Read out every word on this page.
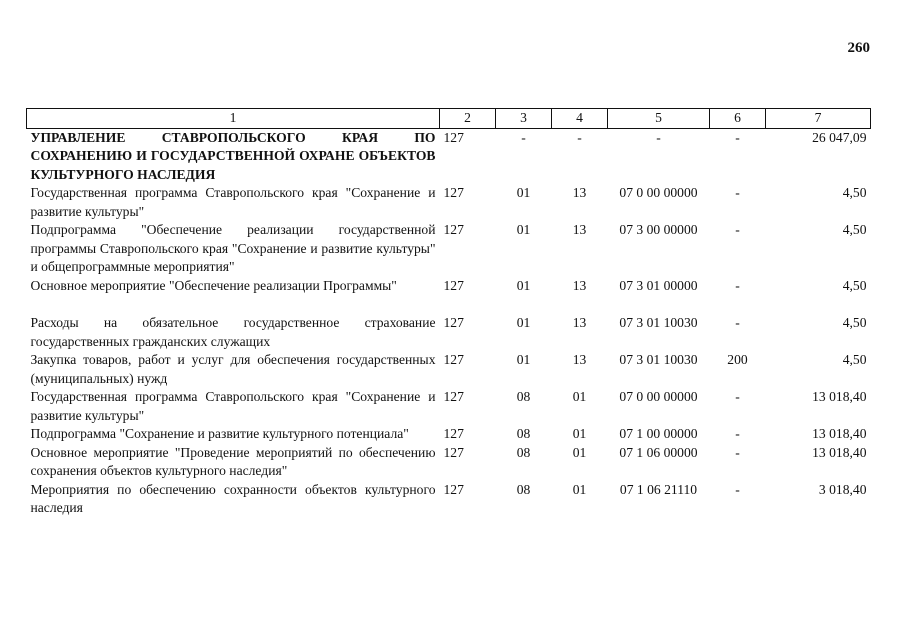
260
1	2	3	4	5	6	7
УПРАВЛЕНИЕ СТАВРОПОЛЬСКОГО КРАЯ ПО СОХРАНЕНИЮ И ГОСУДАРСТВЕННОЙ ОХРАНЕ ОБЪЕКТОВ КУЛЬТУРНОГО НАСЛЕДИЯ	127	-	-	-	-	26 047,09
Государственная программа Ставропольского края "Сохранение и развитие культуры"	127	01	13	07 0 00 00000	-	4,50
Подпрограмма "Обеспечение реализации государственной программы Ставропольского края "Сохранение и развитие культуры" и общепрограммные мероприятия"	127	01	13	07 3 00 00000	-	4,50
Основное мероприятие "Обеспечение реализации Программы"	127	01	13	07 3 01 00000	-	4,50
Расходы на обязательное государственное страхование государственных гражданских служащих	127	01	13	07 3 01 10030	-	4,50
Закупка товаров, работ и услуг для обеспечения государственных (муниципальных) нужд	127	01	13	07 3 01 10030	200	4,50
Государственная программа Ставропольского края "Сохранение и развитие культуры"	127	08	01	07 0 00 00000	-	13 018,40
Подпрограмма "Сохранение и развитие культурного потенциала"	127	08	01	07 1 00 00000	-	13 018,40
Основное мероприятие "Проведение мероприятий по обеспечению сохранения объектов культурного наследия"	127	08	01	07 1 06 00000	-	13 018,40
Мероприятия по обеспечению сохранности объектов культурного наследия	127	08	01	07 1 06 21110	-	3 018,40
